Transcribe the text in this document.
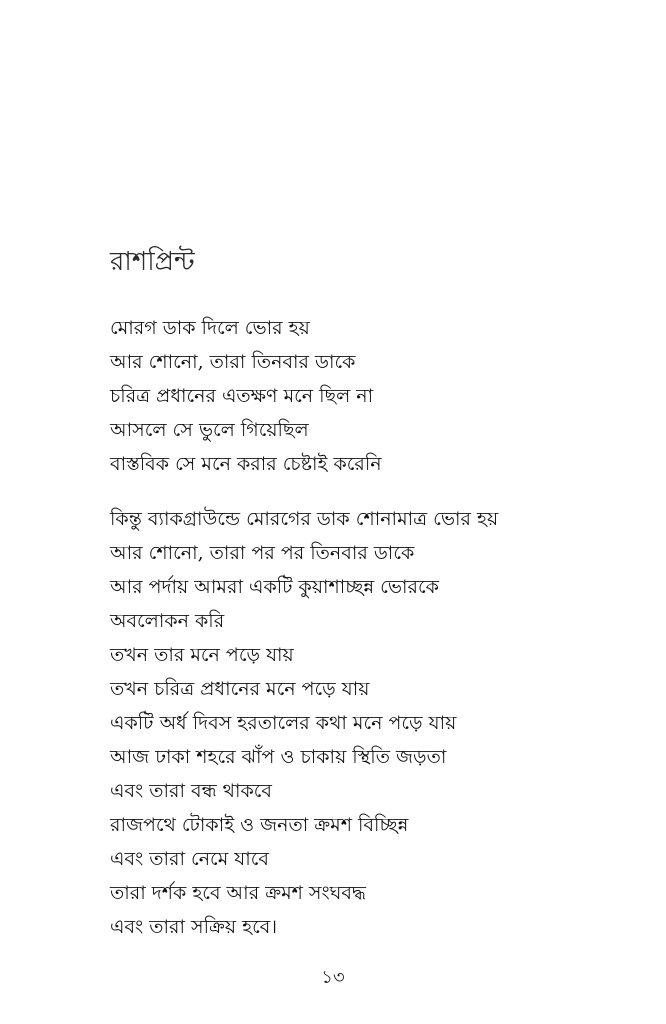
রাশপ্রিন্ট
মোরগ ডাক দিলে ভোর হয়
আর শোনো, তারা তিনবার ডাকে
চরিত্র প্রধানের এতক্ষণ মনে ছিল না
আসলে সে ভুলে গিয়েছিল
বাস্তবিক সে মনে করার চেষ্টাই করেনি
কিন্তু ব্যাকগ্রাউন্ডে মোরগের ডাক শোনামাত্র ভোর হয়
আর শোনো, তারা পর পর তিনবার ডাকে
আর পর্দায় আমরা একটি কুয়াশাচ্ছন্ন ভোরকে
অবলোকন করি
তখন তার মনে পড়ে যায়
তখন চরিত্র প্রধানের মনে পড়ে যায়
একটি অর্ধ দিবস হরতালের কথা মনে পড়ে যায়
আজ ঢাকা শহরে ঝাঁপ ও চাকায় স্থিতি জড়তা
এবং তারা বন্ধ থাকবে
রাজপথে টোকাই ও জনতা ক্রমশ বিচ্ছিন্ন
এবং তারা নেমে যাবে
তারা দর্শক হবে আর ক্রমশ সংঘবদ্ধ
এবং তারা সক্রিয় হবে।
১৩
